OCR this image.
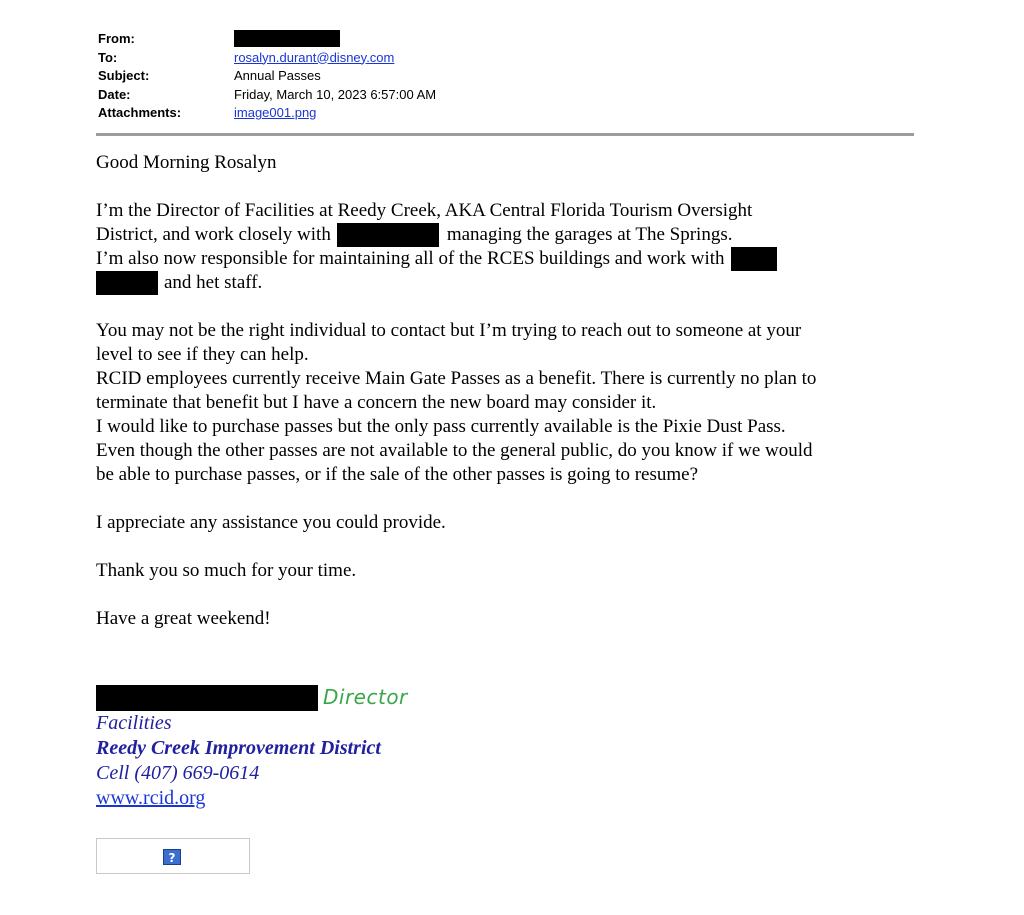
From:
To:	rosalyn.durant@disney.com
Subject:	Annual Passes
Date:	Friday, March 10, 2023 6:57:00 AM
Attachments:	image001.png

Good Morning Rosalyn

I’m the Director of Facilities at Reedy Creek, AKA Central Florida Tourism Oversight

District, and work closely with	managing the garages at The Springs.

I’m also now responsible for maintaining all of the RCES buildings and work with

and het staff.

You may not be the right individual to contact but I’m trying to reach out to someone at your

level to see if they can help.

RCID employees currently receive Main Gate Passes as a benefit. There is currently no plan to

terminate that benefit but I have a concern the new board may consider it.

I would like to purchase passes but the only pass currently available is the Pixie Dust Pass.

Even though the other passes are not available to the general public, do you know if we would

be able to purchase passes, or if the sale of the other passes is going to resume?

I appreciate any assistance you could provide.

Thank you so much for your time.

Have a great weekend!

Director
Facilities
Reedy Creek Improvement District
Cell (407) 669-0614
www.rcid.org
?
